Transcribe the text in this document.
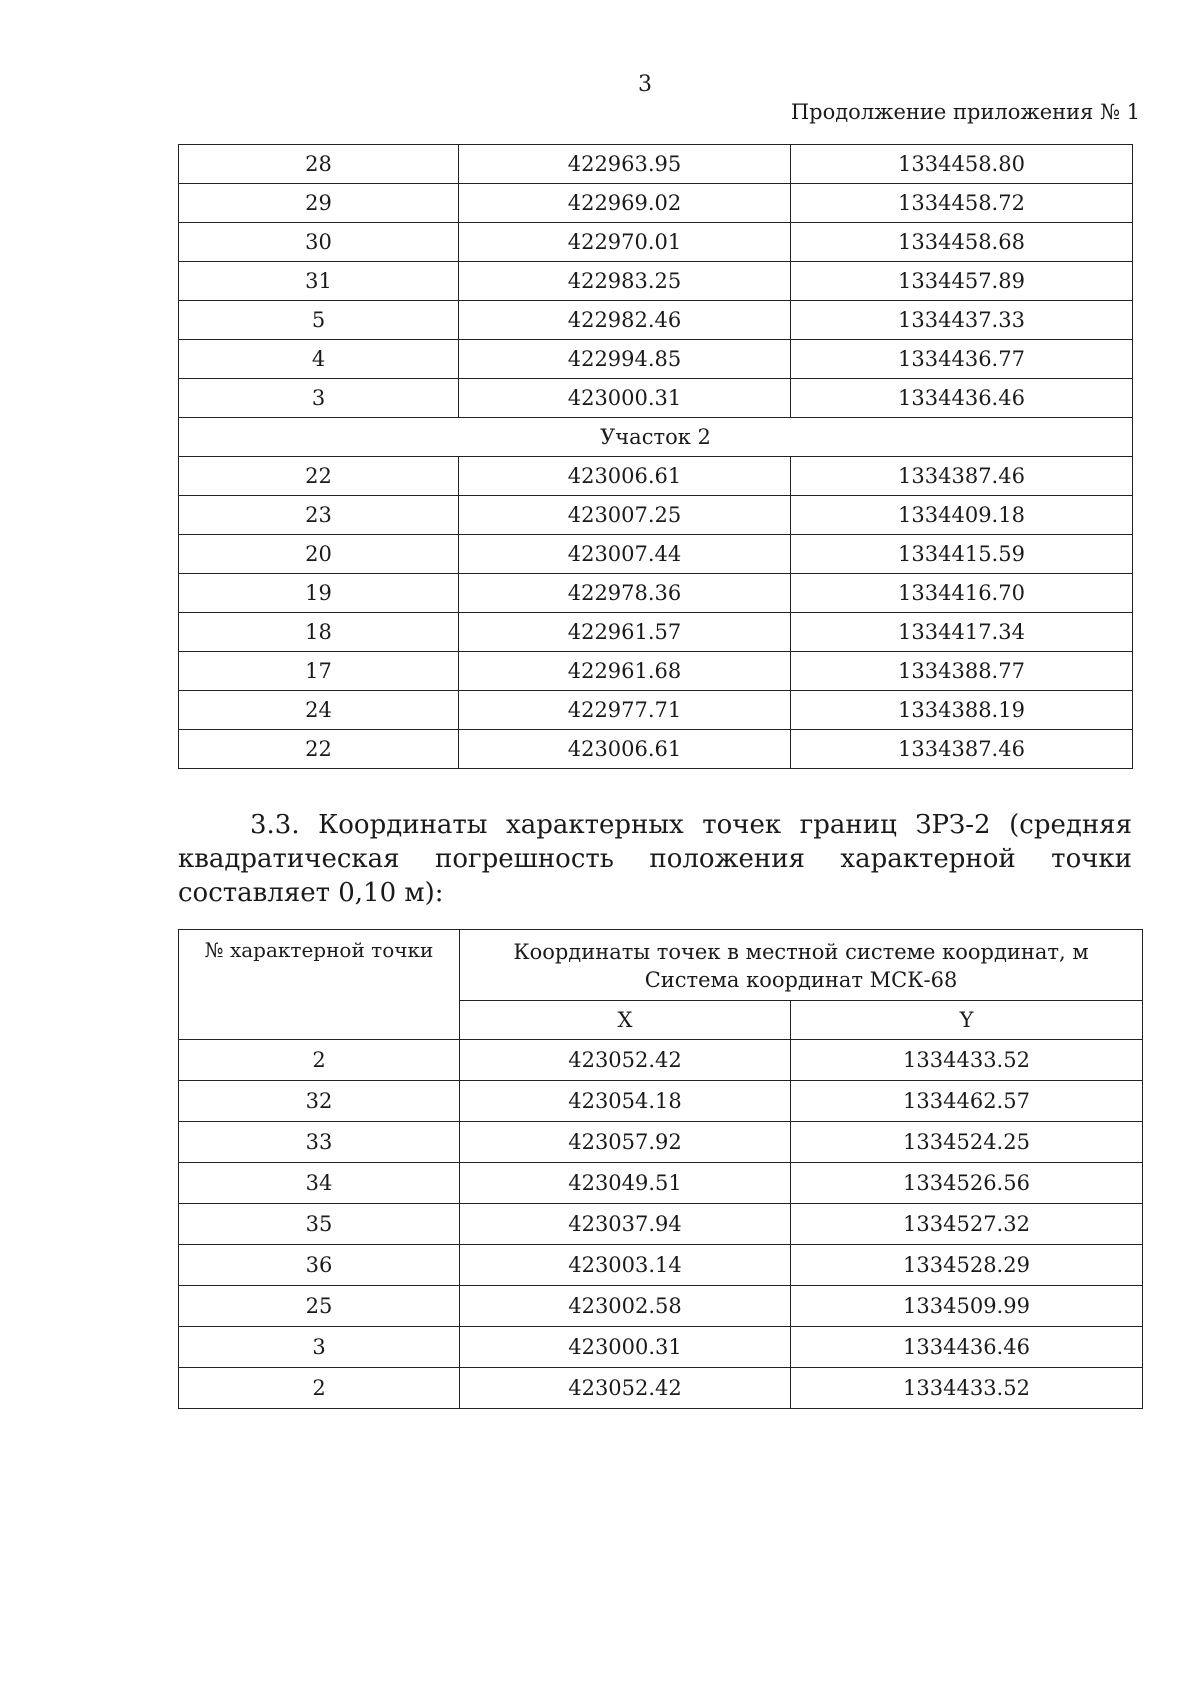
3
Продолжение приложения № 1
28	422963.95	1334458.80
29	422969.02	1334458.72
30	422970.01	1334458.68
31	422983.25	1334457.89
5	422982.46	1334437.33
4	422994.85	1334436.77
3	423000.31	1334436.46
Участок 2		
22	423006.61	1334387.46
23	423007.25	1334409.18
20	423007.44	1334415.59
19	422978.36	1334416.70
18	422961.57	1334417.34
17	422961.68	1334388.77
24	422977.71	1334388.19
22	423006.61	1334387.46
3.3. Координаты характерных точек границ ЗРЗ-2 (средняя квадратическая погрешность положения характерной точки составляет 0,10 м):
№ характерной точки	Координаты точек в местной системе координат, м
Система координат МСК-68	

	X	Y
2	423052.42	1334433.52
32	423054.18	1334462.57
33	423057.92	1334524.25
34	423049.51	1334526.56
35	423037.94	1334527.32
36	423003.14	1334528.29
25	423002.58	1334509.99
3	423000.31	1334436.46
2	423052.42	1334433.52
